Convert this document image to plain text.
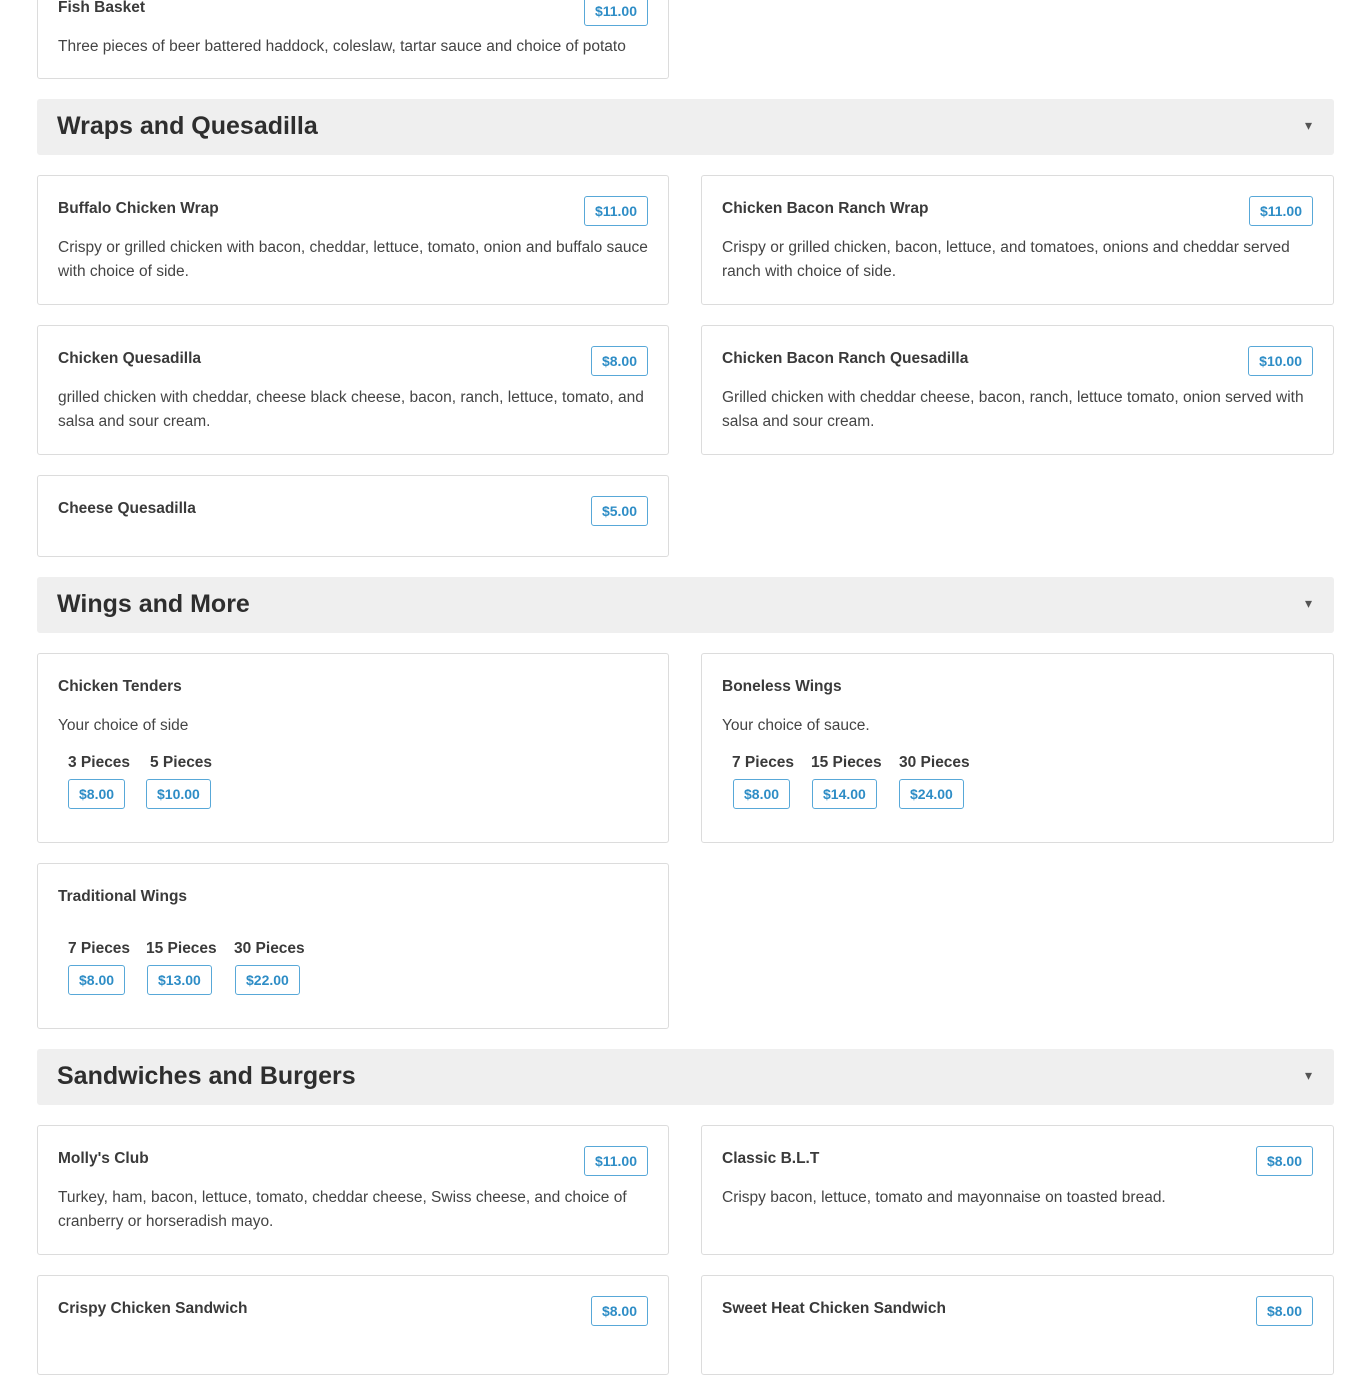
Fish Basket	$11.00
Three pieces of beer battered haddock, coleslaw, tartar sauce and choice of potato
Wraps and Quesadilla	▾
Buffalo Chicken Wrap	$11.00
Crispy or grilled chicken with bacon, cheddar, lettuce, tomato, onion and buffalo sauce with choice of side.
Chicken Bacon Ranch Wrap	$11.00
Crispy or grilled chicken, bacon, lettuce, and tomatoes, onions and cheddar served ranch with choice of side.
Chicken Quesadilla	$8.00
grilled chicken with cheddar, cheese black cheese, bacon, ranch, lettuce, tomato, and salsa and sour cream.
Chicken Bacon Ranch Quesadilla	$10.00
Grilled chicken with cheddar cheese, bacon, ranch, lettuce tomato, onion served with salsa and sour cream.
Cheese Quesadilla	$5.00
Wings and More	▾
Chicken Tenders
Your choice of side
3 Pieces
$8.00
5 Pieces
$10.00
Boneless Wings
Your choice of sauce.
7 Pieces
$8.00
15 Pieces
$14.00
30 Pieces
$24.00
Traditional Wings
7 Pieces
$8.00
15 Pieces
$13.00
30 Pieces
$22.00
Sandwiches and Burgers	▾
Molly's Club	$11.00
Turkey, ham, bacon, lettuce, tomato, cheddar cheese, Swiss cheese, and choice of cranberry or horseradish mayo.
Classic B.L.T	$8.00
Crispy bacon, lettuce, tomato and mayonnaise on toasted bread.
Crispy Chicken Sandwich	$8.00	Sweet Heat Chicken Sandwich	$8.00
